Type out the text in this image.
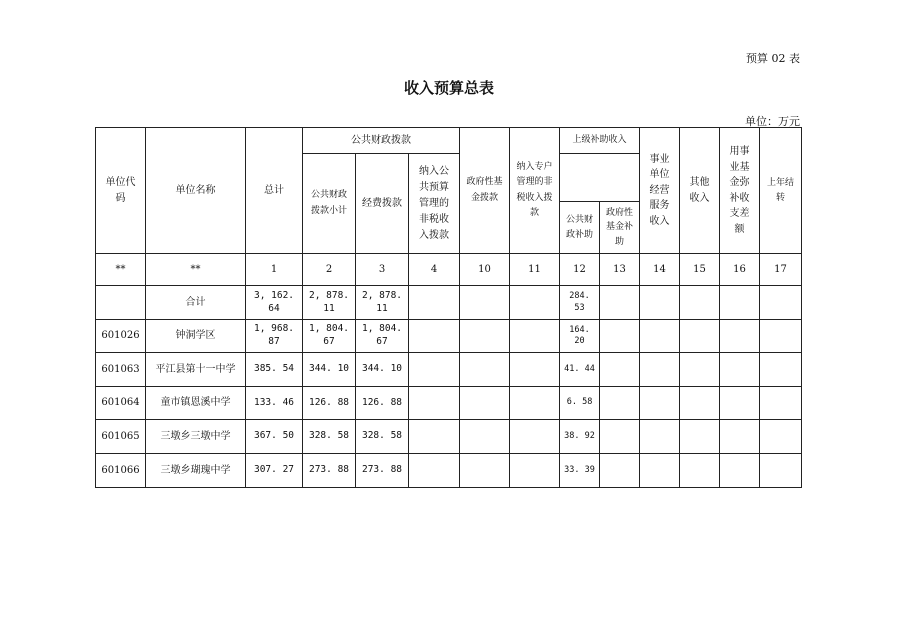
预算 02 表
收入预算总表
单位：万元
单位代码	单位名称	总计	公共财政拨款			政府性基金拨款	纳入专户管理的非税收入拨款	上级补助收入		事业单位经营服务收入	其他收入	用事业基金弥补收支差额	上年结转
			公共财政拨款小计	经费拨款	纳入公共预算管理的非税收入拨款								
								公共财政补助	政府性基金补助				
**	**	1	2	3	4	10	11	12	13	14	15	16	17
	合计	3, 162. 64	2, 878. 11	2, 878. 11				284. 53					
601026	钟洞学区	1, 968. 87	1, 804. 67	1, 804. 67				164. 20					
601063	平江县第十一中学	385. 54	344. 10	344. 10				41. 44					
601064	童市镇恩溪中学	133. 46	126. 88	126. 88				6. 58					
601065	三墩乡三墩中学	367. 50	328. 58	328. 58				38. 92					
601066	三墩乡瑚瑰中学	307. 27	273. 88	273. 88				33. 39					
